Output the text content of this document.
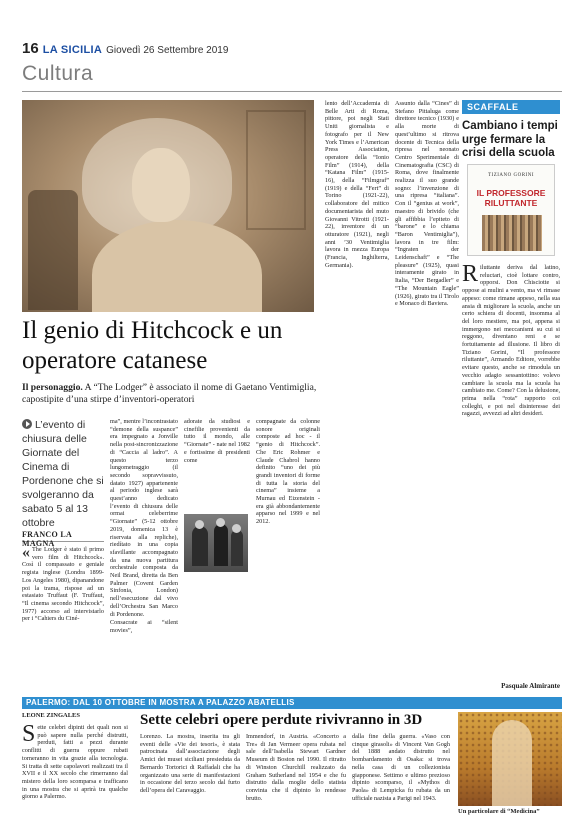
16 LA SICILIA Giovedì 26 Settembre 2019
Cultura
Il genio di Hitchcock e un operatore catanese
Il personaggio. A “The Lodger” è associato il nome di Gaetano Ventimiglia, capostipite d’una stirpe d’inventori-operatori
L’evento di chiusura delle Giornate del Cinema di Pordenone che si svolgeranno da sabato 5 al 13 ottobre
FRANCO LA MAGNA
« The Lodger è stato il primo vero film di Hitchcock». Così il compassato e geniale regista inglese (Londra 1899-Los Angeles 1980), dipanandone poi la trama, rispose ad un estasiato Truffaut (F. Truffaut, “Il cinema secondo Hitchcock”, 1977) accorso ad intervistarlo per i “Cahiers du Ciné-

ma”, mentre l’incontrastato “demone della suspance” era impegnato a Jonville nella post-sincronizzazione di “Caccia al ladro”. A questo terzo lungometraggio (il secondo sopravvissuto, datato 1927) appartenente al periodo inglese sarà quest’anno dedicato l’evento di chiusura delle ormai celeberrime “Giornate” (5-12 ottobre 2019, domenica 13 è riservata alla repliche), riedítato in una copia sfavillante accompagnato da una nuova partitura orchestrale composta da Neil Brand, diretta da Ben Palmer (Covent Garden Sinfonia, London) nell’esecuzione dal vivo dell’Orchestra San Marco di Pordenone.

Consacrate ai “silent movies”,

adorate da studiosi e cinefilie provenienti da tutto il mondo, alle “Giornate” - nate nel 1982 e fortissime di presidenti come

compagnate da colonne sonore originali composte ad hoc - il “genio di Hitchcock”. Che Eric Rohmer e Claude Chabrol hanno definito “uno dei più grandi inventori di forme di tutta la storia del cinema” insieme a Murnau ed Eizenstein - era già abbondantemente apparso nel 1999 e nel 2012.

lento dell’Accademia di Belle Arti di Roma, pittore, poi negli Stati Uniti giornalista e fotografo per il New York Times e l’American Press Association, operatore della “Ionio Film” (1914), della “Katana Film” (1915-16), della “Filmgraf” (1919) e della “Fert” di Torino (1921-22), collaboratore del mitico documentarista del muto Giovanni Vitrotti (1921-22), inventore di un otturatore (1921), negli anni ’30 Ventimiglia lavora in mezza Europa (Francia, Inghilterra, Germania).

Assunto dalla “Cines” di Stefano Pittaluga come direttore tecnico (1930) e alla morte di quest’ultimo si ritrova docente di Tecnica della ripresa nel neonato Centro Sperimentale di Cinematografia (CSC) di Roma, dove finalmente realizza il suo grande sogno: l’invenzione di una ripresa “italiana”. Con il “genius at work”, maestro di brivido (che gli affibbia l’epiteto di “barone” e lo chiama “Baron Ventimiglia”), lavora in tre film: “Ingraten der Leidenschaft” e “The pleasure” (1925), quasi interamente girato in Italia, “Der Bergadler” e “The Mountain Eagle” (1926), girato tra il Tirolo e Monaco di Baviera.

SCAFFALE
Cambiano i tempi urge fermare la crisi della scuola
TIZIANO GORINI
IL PROFESSORE RILUTTANTE
R iluttante deriva dal latino, reluctari, cioè lottare contro, opporsi. Don Chisciotte si oppose ai mulini a vento, ma vi rimase appeso: come rimane appeso, nella sua ansia di migliorare la scuola, anche un certo schiera di docenti, insomma al del loro mestiere, ma poi, appena si immergono nei meccanismi su cui si reggono, diventano reni e se fortuitamente ad illusione. Il libro di Tiziano Gorini, “Il professore riluttante”, Armando Editore, vorrebbe evitare questo, anche se rimodula un vecchio adagio sessantottino: volevo cambiare la scuola ma la scuola ha cambiato me. Come? Con la delusione, prima nella “rota” rapporto coi colleghi, e poi nel disinteresse dei ragazzi, avvezzi ad altri desideri.
Pasquale Almirante
PALERMO: DAL 10 OTTOBRE IN MOSTRA A PALAZZO ABATELLIS
LEONE ZINGALES	Sette celebri opere perdute rivivranno in 3D
S ette celebri dipinti dei quali non si può sapere nulla perché distrutti, perduti, fatti a pezzi durante conflitti di guerra oppure rubati torneranno in vita grazie alla tecnologia. Si tratta di sette capolavori realizzati tra il XVII e il XX secolo che rimerranno dal mistero della loro scomparsa e trafficano in una mostra che si aprirà tra qualche giorno a Palermo.

Lorenzo. La mostra, inserita tra gli eventi delle «Vie dei tesori», è stata patrocinata dall’associazione degli Amici dei musei siciliani presieduta da Bernardo Tortorici di Raffadali che ha organizzato una serie di manifestazioni in occasione del terzo secolo dal furto dell’opera del Caravaggio.

Immendorf, in Austria. «Concerto a Tre» di Jan Vermeer opera rubata nel sale dell’Isabella Stewart Gardner Museum di Boston nel 1990. Il ritratto di Winston Churchill realizzato da Graham Sutherland nel 1954 e che fu distrutto dalla moglie dello statista convinta che il dipinto lo rendesse brutto.

dalla fine della guerra. «Vaso con cinque girasoli» di Vincent Van Gogh del 1888 andato distrutto nel bombardamento di Osaka: si trova nella casa di un collezionista giapponese. Settimo e ultimo prezioso dipinto scomparso, il «Mythos di Paola» di Lempicka fu rubata da un ufficiale nazista a Parigi nel 1943.

Un particolare di “Medicina”
